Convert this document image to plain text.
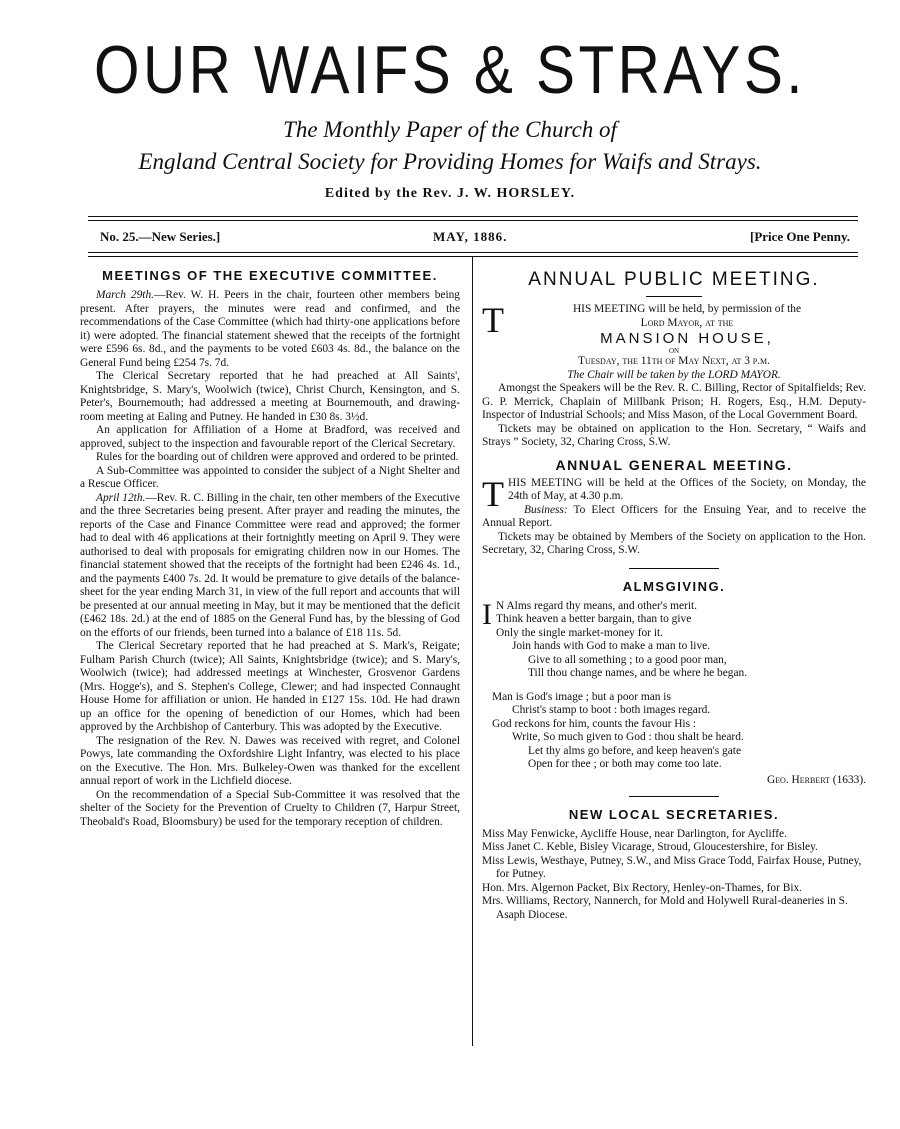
OUR WAIFS & STRAYS.
The Monthly Paper of the Church of
England Central Society for Providing Homes for Waifs and Strays.
Edited by the Rev. J. W. HORSLEY.
No. 25.—New Series.]	MAY, 1886.	[Price One Penny.

MEETINGS OF THE EXECUTIVE COMMITTEE.

March 29th.—Rev. W. H. Peers in the chair, fourteen other members being present. After prayers, the minutes were read and confirmed, and the recommendations of the Case Committee (which had thirty-one applications before it) were adopted. The financial statement shewed that the receipts of the fortnight were £596 6s. 8d., and the payments to be voted £603 4s. 8d., the balance on the General Fund being £254 7s. 7d.

The Clerical Secretary reported that he had preached at All Saints', Knightsbridge, S. Mary's, Woolwich (twice), Christ Church, Kensington, and S. Peter's, Bournemouth; had addressed a meeting at Bournemouth, and drawing-room meeting at Ealing and Putney. He handed in £30 8s. 3½d.

An application for Affiliation of a Home at Bradford, was received and approved, subject to the inspection and favourable report of the Clerical Secretary.

Rules for the boarding out of children were approved and ordered to be printed.

A Sub-Committee was appointed to consider the subject of a Night Shelter and a Rescue Officer.

April 12th.—Rev. R. C. Billing in the chair, ten other members of the Executive and the three Secretaries being present. After prayer and reading the minutes, the reports of the Case and Finance Committee were read and approved; the former had to deal with 46 applications at their fortnightly meeting on April 9. They were authorised to deal with proposals for emigrating children now in our Homes. The financial statement showed that the receipts of the fortnight had been £246 4s. 1d., and the payments £400 7s. 2d. It would be premature to give details of the balance-sheet for the year ending March 31, in view of the full report and accounts that will be presented at our annual meeting in May, but it may be mentioned that the deficit (£462 18s. 2d.) at the end of 1885 on the General Fund has, by the blessing of God on the efforts of our friends, been turned into a balance of £18 11s. 5d.

The Clerical Secretary reported that he had preached at S. Mark's, Reigate; Fulham Parish Church (twice); All Saints, Knightsbridge (twice); and S. Mary's, Woolwich (twice); had addressed meetings at Winchester, Grosvenor Gardens (Mrs. Hogge's), and S. Stephen's College, Clewer; and had inspected Connaught House Home for affiliation or union. He handed in £127 15s. 10d. He had drawn up an office for the opening of benediction of our Homes, which had been approved by the Archbishop of Canterbury. This was adopted by the Executive.

The resignation of the Rev. N. Dawes was received with regret, and Colonel Powys, late commanding the Oxfordshire Light Infantry, was elected to his place on the Executive. The Hon. Mrs. Bulkeley-Owen was thanked for the excellent annual report of work in the Lichfield diocese.

On the recommendation of a Special Sub-Committee it was resolved that the shelter of the Society for the Prevention of Cruelty to Children (7, Harpur Street, Theobald's Road, Bloomsbury) be used for the temporary reception of children.

ANNUAL PUBLIC MEETING.

T	HIS MEETING will be held, by permission of the
Lord Mayor, at the

MANSION HOUSE,

ON

Tuesday, the 11th of May Next, at 3 p.m.

The Chair will be taken by the LORD MAYOR.

Amongst the Speakers will be the Rev. R. C. Billing, Rector of Spitalfields; Rev. G. P. Merrick, Chaplain of Millbank Prison; H. Rogers, Esq., H.M. Deputy-Inspector of Industrial Schools; and Miss Mason, of the Local Government Board.

Tickets may be obtained on application to the Hon. Secretary, “ Waifs and Strays ” Society, 32, Charing Cross, S.W.

ANNUAL GENERAL MEETING.

THIS MEETING will be held at the Offices of the Society, on Monday, the 24th of May, at 4.30 p.m.

Business: To Elect Officers for the Ensuing Year, and to receive the Annual Report.

Tickets may be obtained by Members of the Society on application to the Hon. Secretary, 32, Charing Cross, S.W.

ALMSGIVING.

I N Alms regard thy means, and other's merit.
Think heaven a better bargain, than to give
Only the single market-money for it.
Join hands with God to make a man to live.
Give to all something ; to a good poor man,
Till thou change names, and be where he began.
Man is God's image ; but a poor man is
Christ's stamp to boot : both images regard.
God reckons for him, counts the favour His :
Write, So much given to God : thou shalt be heard.
Let thy alms go before, and keep heaven's gate
Open for thee ; or both may come too late.

Geo. Herbert (1633).

NEW LOCAL SECRETARIES.

Miss May Fenwicke, Aycliffe House, near Darlington, for Aycliffe.

Miss Janet C. Keble, Bisley Vicarage, Stroud, Gloucestershire, for Bisley.

Miss Lewis, Westhaye, Putney, S.W., and Miss Grace Todd, Fairfax House, Putney, for Putney.

Hon. Mrs. Algernon Packet, Bix Rectory, Henley-on-Thames, for Bix.

Mrs. Williams, Rectory, Nannerch, for Mold and Holywell Rural-deaneries in S. Asaph Diocese.
